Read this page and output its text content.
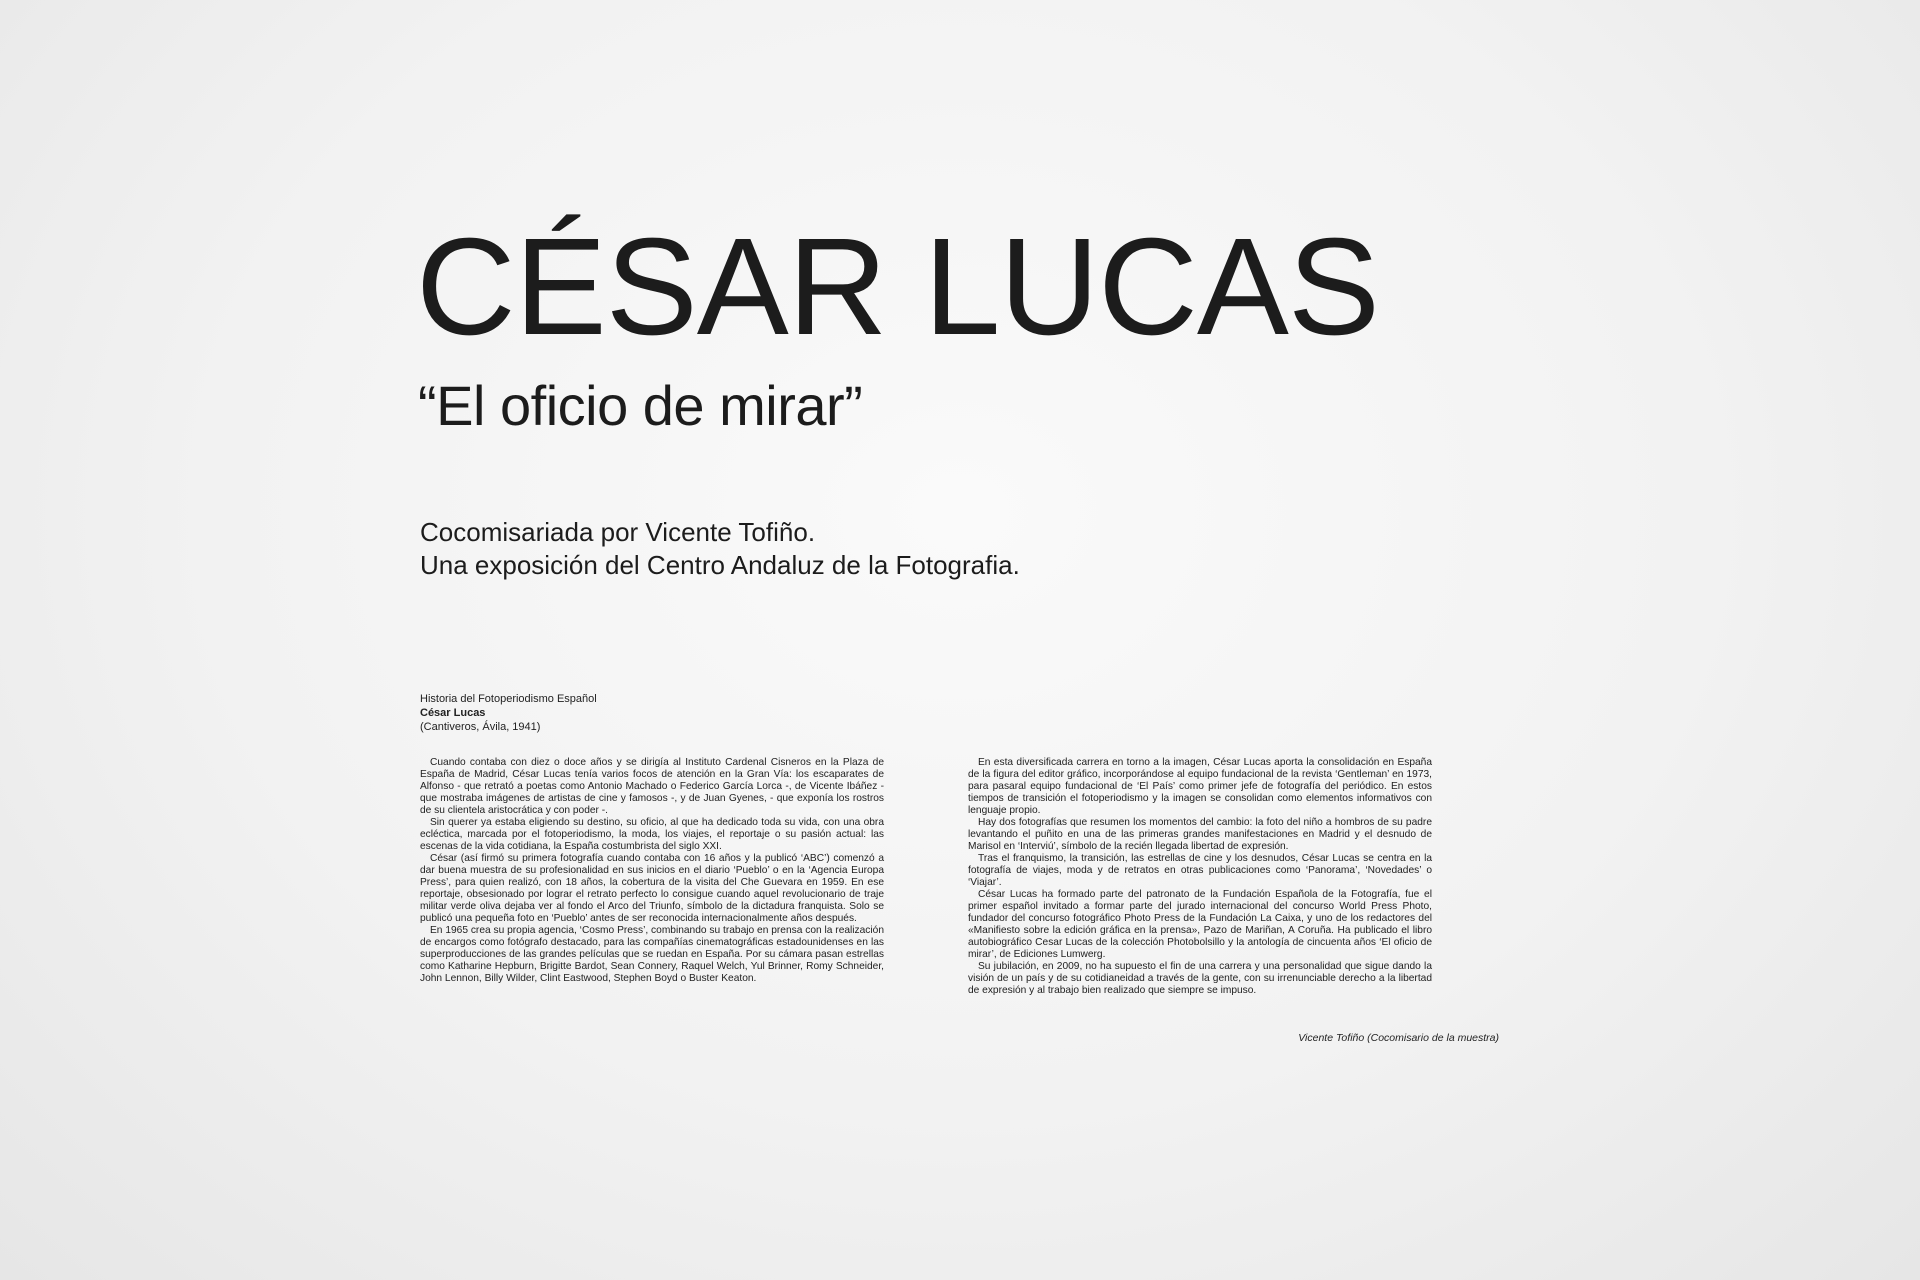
CÉSAR LUCAS
“El oficio de mirar”
Cocomisariada por Vicente Tofiño.
Una exposición del Centro Andaluz de la Fotografia.
Historia del Fotoperiodismo Español
César Lucas
(Cantiveros, Ávila, 1941)

Cuando contaba con diez o doce años y se dirigía al Instituto Cardenal Cisneros en la Plaza de España de Madrid, César Lucas tenía varios focos de atención en la Gran Vía: los escaparates de Alfonso - que retrató a poetas como Antonio Machado o Federico García Lorca -, de Vicente Ibáñez - que mostraba imágenes de artistas de cine y famosos -, y de Juan Gyenes, - que exponía los rostros de su clientela aristocrática y con poder -.

Sin querer ya estaba eligiendo su destino, su oficio, al que ha dedicado toda su vida, con una obra ecléctica, marcada por el fotoperiodismo, la moda, los viajes, el reportaje o su pasión actual: las escenas de la vida cotidiana, la España costumbrista del siglo XXI.

César (así firmó su primera fotografía cuando contaba con 16 años y la publicó ‘ABC’) comenzó a dar buena muestra de su profesionalidad en sus inicios en el diario ‘Pueblo’ o en la ‘Agencia Europa Press’, para quien realizó, con 18 años, la cobertura de la visita del Che Guevara en 1959. En ese reportaje, obsesionado por lograr el retrato perfecto lo consigue cuando aquel revolucionario de traje militar verde oliva dejaba ver al fondo el Arco del Triunfo, símbolo de la dictadura franquista. Solo se publicó una pequeña foto en ‘Pueblo’ antes de ser reconocida internacionalmente años después.

En 1965 crea su propia agencia, ‘Cosmo Press’, combinando su trabajo en prensa con la realización de encargos como fotógrafo destacado, para las compañías cinematográficas estadounidenses en las superproducciones de las grandes películas que se ruedan en España. Por su cámara pasan estrellas como Katharine Hepburn, Brigitte Bardot, Sean Connery, Raquel Welch, Yul Brinner, Romy Schneider, John Lennon, Billy Wilder, Clint Eastwood, Stephen Boyd o Buster Keaton.

En esta diversificada carrera en torno a la imagen, César Lucas aporta la consolidación en España de la figura del editor gráfico, incorporándose al equipo fundacional de la revista ‘Gentleman’ en 1973, para pasaral equipo fundacional de ‘El País’ como primer jefe de fotografía del periódico. En estos tiempos de transición el fotoperiodismo y la imagen se consolidan como elementos informativos con lenguaje propio.

Hay dos fotografías que resumen los momentos del cambio: la foto del niño a hombros de su padre levantando el puñito en una de las primeras grandes manifestaciones en Madrid y el desnudo de Marisol en ‘Interviú’, símbolo de la recién llegada libertad de expresión.

Tras el franquismo, la transición, las estrellas de cine y los desnudos, César Lucas se centra en la fotografía de viajes, moda y de retratos en otras publicaciones como ‘Panorama’, ‘Novedades’ o ‘Viajar’.

César Lucas ha formado parte del patronato de la Fundación Española de la Fotografía, fue el primer español invitado a formar parte del jurado internacional del concurso World Press Photo, fundador del concurso fotográfico Photo Press de la Fundación La Caixa, y uno de los redactores del «Manifiesto sobre la edición gráfica en la prensa», Pazo de Mariñan, A Coruña. Ha publicado el libro autobiográfico Cesar Lucas de la colección Photobolsillo y la antología de cincuenta años ‘El oficio de mirar’, de Ediciones Lumwerg.

Su jubilación, en 2009, no ha supuesto el fin de una carrera y una personalidad que sigue dando la visión de un país y de su cotidianeidad a través de la gente, con su irrenunciable derecho a la libertad de expresión y al trabajo bien realizado que siempre se impuso.

Vicente Tofiño (Cocomisario de la muestra)
